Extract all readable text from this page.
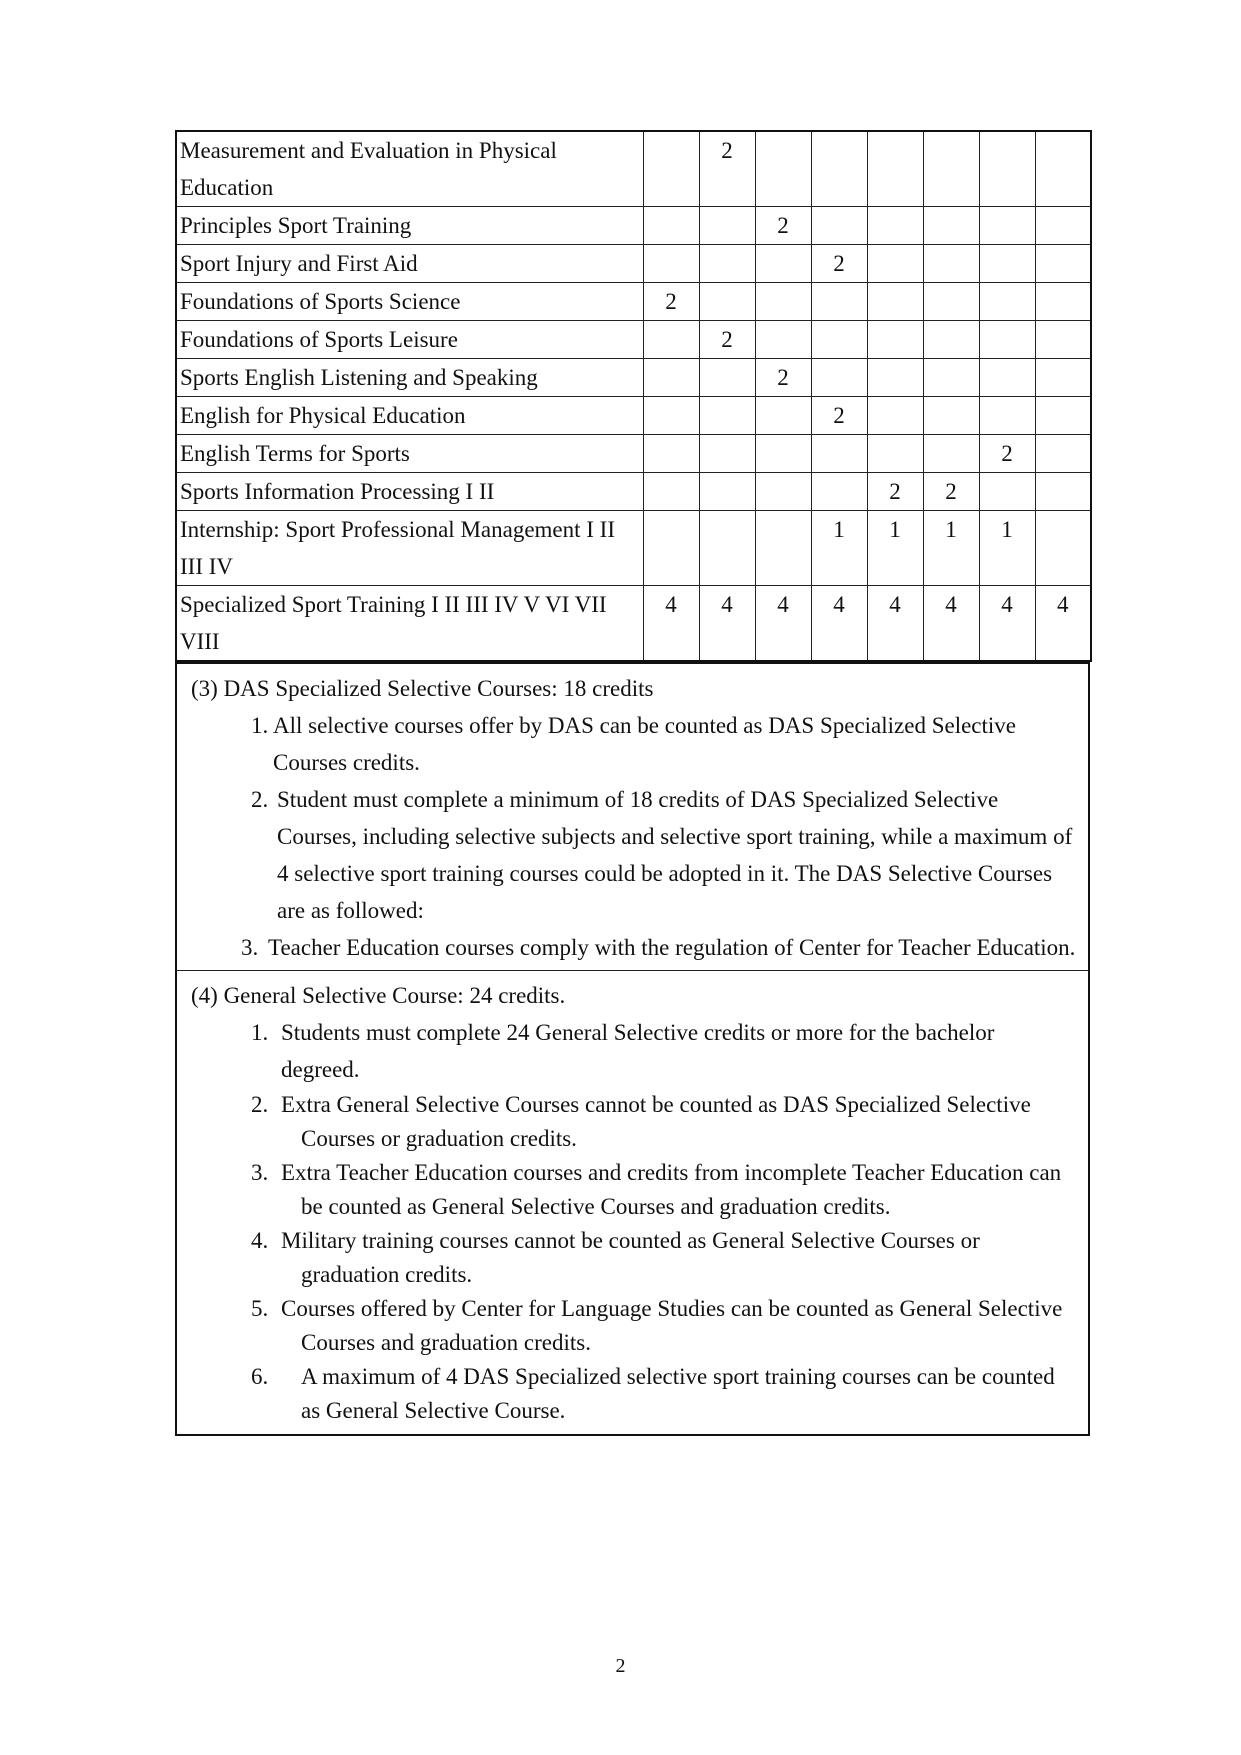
Measurement and Evaluation in Physical Education		2						
Principles Sport Training			2					
Sport Injury and First Aid				2				
Foundations of Sports Science	2							
Foundations of Sports Leisure		2						
Sports English Listening and Speaking			2					
English for Physical Education				2				
English Terms for Sports							2	
Sports Information Processing I II					2	2		
Internship: Sport Professional Management I II III IV				1	1	1	1	
Specialized Sport Training I II III IV V VI VII VIII	4	4	4	4	4	4	4	4

(3) DAS Specialized Selective Courses: 18 credits

1. All selective courses offer by DAS can be counted as DAS Specialized Selective Courses credits.
2. Student must complete a minimum of 18 credits of DAS Specialized Selective Courses, including selective subjects and selective sport training, while a maximum of 4 selective sport training courses could be adopted in it. The DAS Selective Courses are as followed:
3. Teacher Education courses comply with the regulation of Center for Teacher Education.

(4) General Selective Course: 24 credits.

1. Students must complete 24 General Selective credits or more for the bachelor degreed.
2. Extra General Selective Courses cannot be counted as DAS Specialized Selective Courses or graduation credits.
3. Extra Teacher Education courses and credits from incomplete Teacher Education can be counted as General Selective Courses and graduation credits.
4. Military training courses cannot be counted as General Selective Courses or graduation credits.
5. Courses offered by Center for Language Studies can be counted as General Selective Courses and graduation credits.
6.	A maximum of 4 DAS Specialized selective sport training courses can be counted as General Selective Course.
2
